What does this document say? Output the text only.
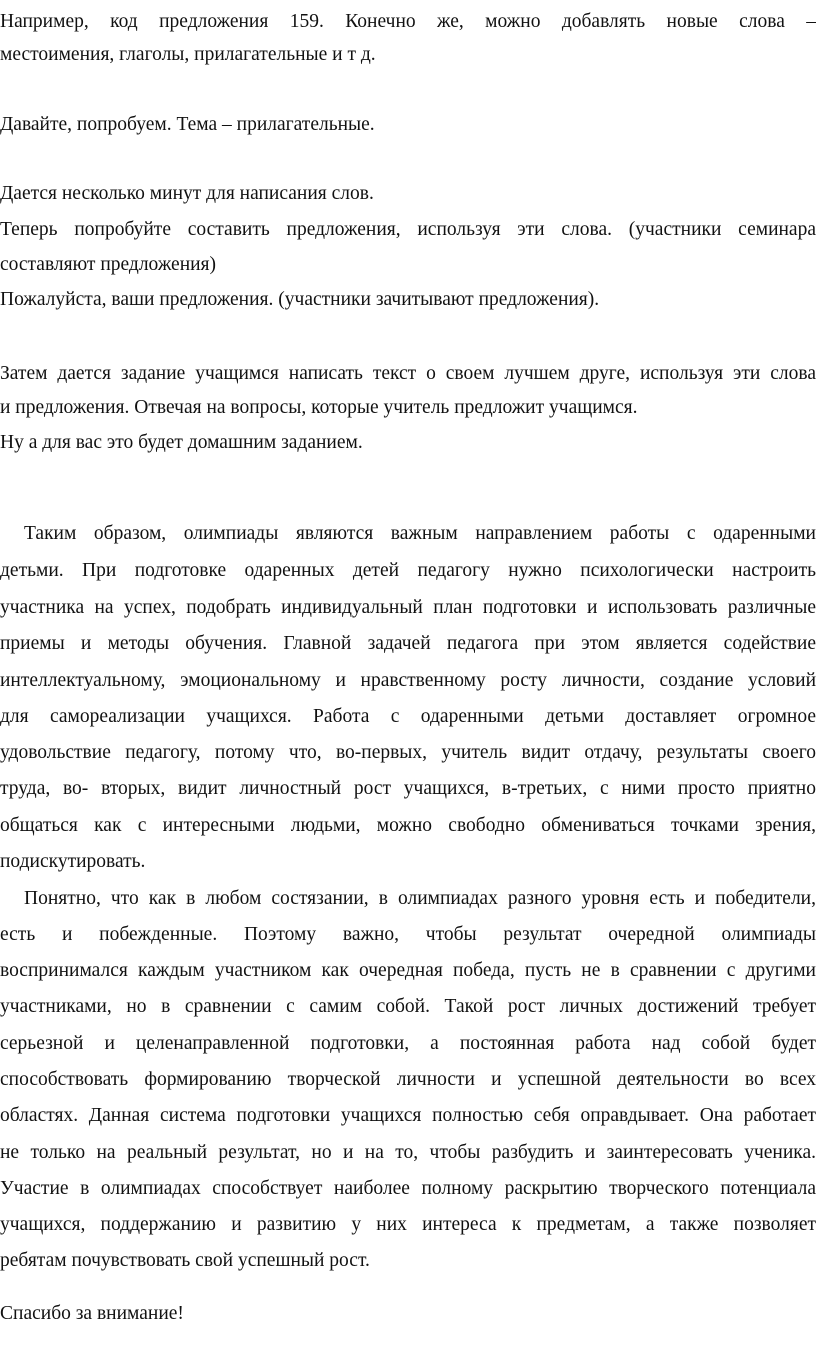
Например, код предложения 159. Конечно же, можно добавлять новые слова –

местоимения, глаголы, прилагательные и т д.

Давайте, попробуем. Тема – прилагательные.

Дается несколько минут для написания слов.

Теперь попробуйте составить предложения, используя эти слова. (участники семинара

составляют предложения)

Пожалуйста, ваши предложения. (участники зачитывают предложения).

Затем дается задание учащимся написать текст о своем лучшем друге, используя эти слова

и предложения. Отвечая на вопросы, которые учитель предложит учащимся.

Ну а для вас это будет домашним заданием.

Таким образом, олимпиады являются важным направлением работы с одаренными

детьми. При подготовке одаренных детей педагогу нужно психологически настроить

участника на успех, подобрать индивидуальный план подготовки и использовать различные

приемы и методы обучения. Главной задачей педагога при этом является содействие

интеллектуальному, эмоциональному и нравственному росту личности, создание условий

для самореализации учащихся. Работа с одаренными детьми доставляет огромное

удовольствие педагогу, потому что, во-первых, учитель видит отдачу, результаты своего

труда, во- вторых, видит личностный рост учащихся, в-третьих, с ними просто приятно

общаться как с интересными людьми, можно свободно обмениваться точками зрения,

подискутировать.

Понятно, что как в любом состязании, в олимпиадах разного уровня есть и победители,

есть и побежденные. Поэтому важно, чтобы результат очередной олимпиады

воспринимался каждым участником как очередная победа, пусть не в сравнении с другими

участниками, но в сравнении с самим собой. Такой рост личных достижений требует

серьезной и целенаправленной подготовки, а постоянная работа над собой будет

способствовать формированию творческой личности и успешной деятельности во всех

областях. Данная система подготовки учащихся полностью себя оправдывает. Она работает

не только на реальный результат, но и на то, чтобы разбудить и заинтересовать ученика.

Участие в олимпиадах способствует наиболее полному раскрытию творческого потенциала

учащихся, поддержанию и развитию у них интереса к предметам, а также позволяет

ребятам почувствовать свой успешный рост.

Спасибо за внимание!
